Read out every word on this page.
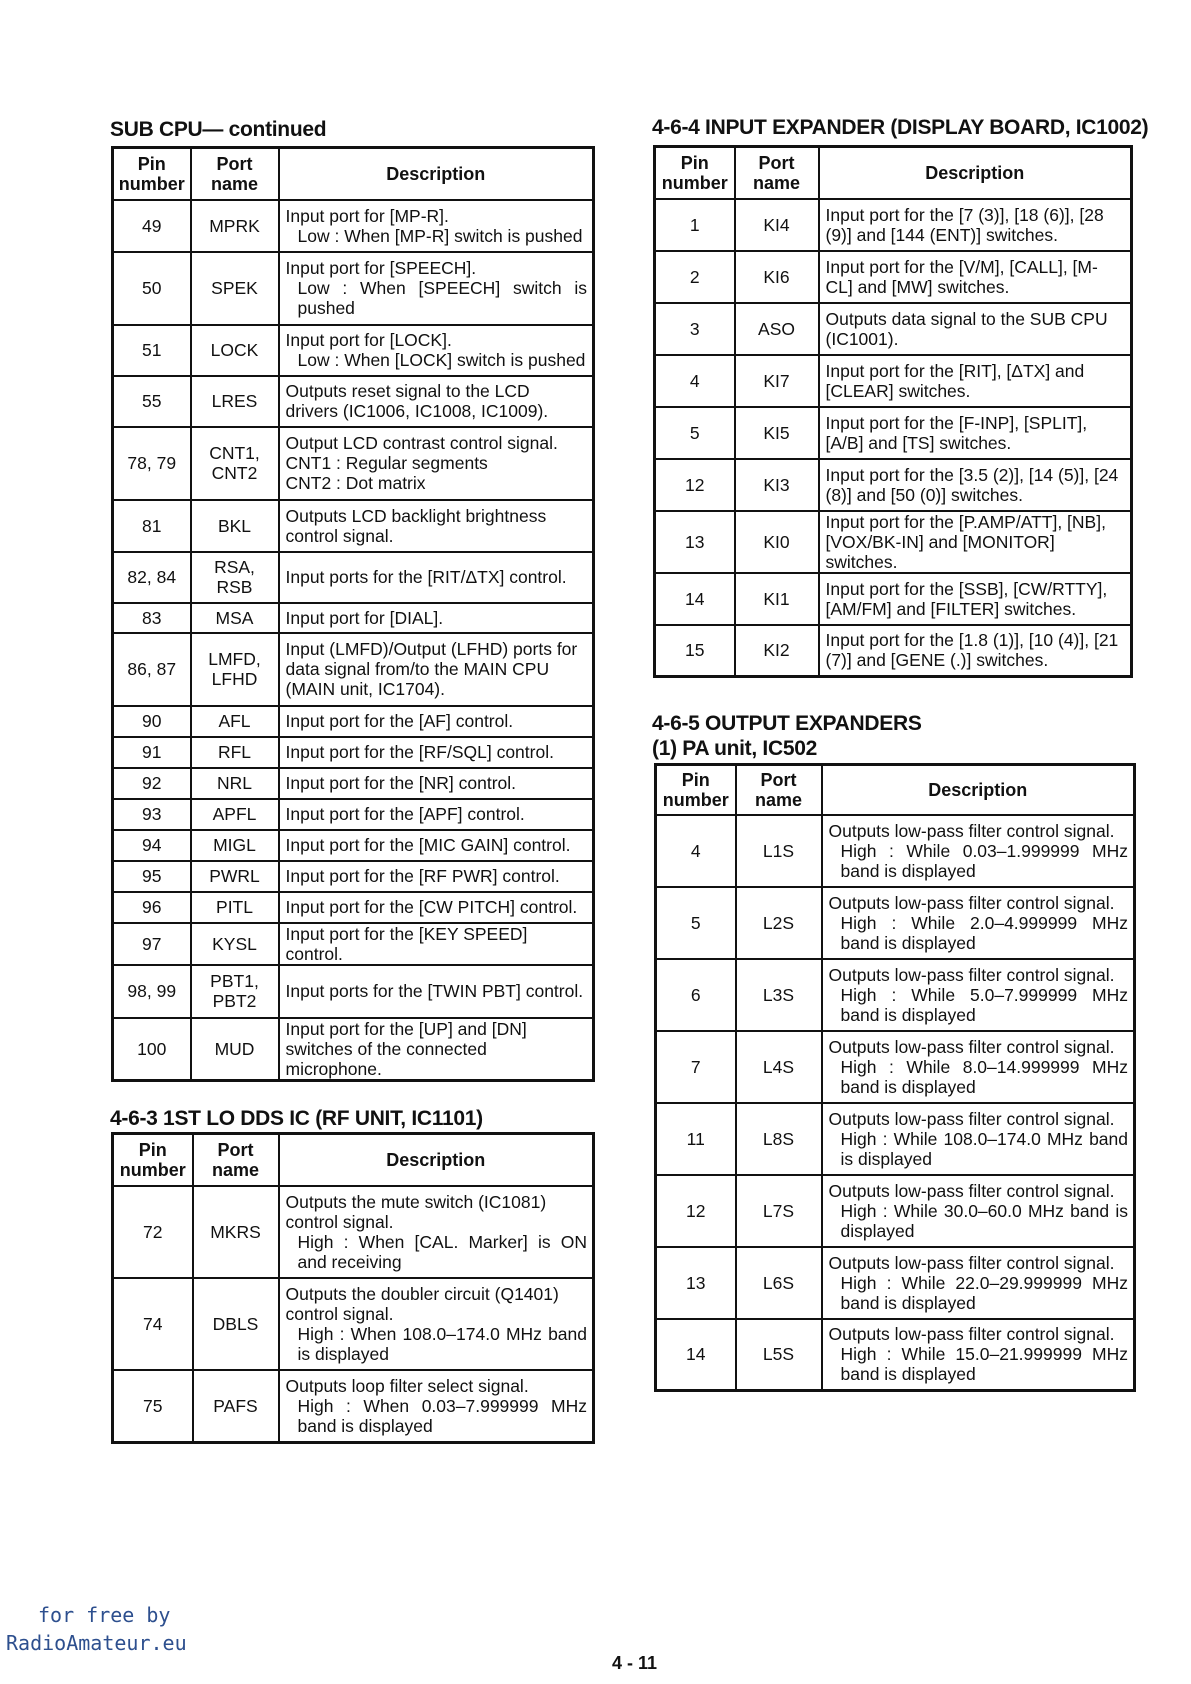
SUB CPU— continued
Pin
number	Port
name	Description

49	MPRK	Input port for [MP-R].
Low : When [MP-R] switch is pushed

50	SPEK	Input port for [SPEECH].
Low : When [SPEECH] switch is pushed

51	LOCK	Input port for [LOCK].
Low : When [LOCK] switch is pushed

55	LRES	Outputs reset signal to the LCD drivers (IC1006, IC1008, IC1009).

78, 79	CNT1,
CNT2	Output LCD contrast control signal.
CNT1 : Regular segments
CNT2 : Dot matrix

81	BKL	Outputs LCD backlight brightness control signal.

82, 84	RSA,
RSB	Input ports for the [RIT/ΔTX] control.

83	MSA	Input port for [DIAL].

86, 87	LMFD,
LFHD	Input (LMFD)/Output (LFHD) ports for data signal from/to the MAIN CPU (MAIN unit, IC1704).

90	AFL	Input port for the [AF] control.

91	RFL	Input port for the [RF/SQL] control.

92	NRL	Input port for the [NR] control.

93	APFL	Input port for the [APF] control.

94	MIGL	Input port for the [MIC GAIN] control.

95	PWRL	Input port for the [RF PWR] control.

96	PITL	Input port for the [CW PITCH] control.

97	KYSL	Input port for the [KEY SPEED] control.

98, 99	PBT1,
PBT2	Input ports for the [TWIN PBT] control.

100	MUD	Input port for the [UP] and [DN] switches of the connected microphone.
4-6-3 1ST LO DDS IC (RF UNIT, IC1101)
Pin
number	Port
name	Description

72	MKRS	Outputs the mute switch (IC1081) control signal.
High : When [CAL. Marker] is ON and receiving

74	DBLS	Outputs the doubler circuit (Q1401) control signal.
High : When 108.0–174.0 MHz band is displayed

75	PAFS	Outputs loop filter select signal.
High : When 0.03–7.999999 MHz band is displayed
4-6-4 INPUT EXPANDER (DISPLAY BOARD, IC1002)
Pin
number	Port
name	Description

1	KI4	Input port for the [7 (3)], [18 (6)], [28 (9)] and [144 (ENT)] switches.

2	KI6	Input port for the [V/M], [CALL], [M-CL] and [MW] switches.

3	ASO	Outputs data signal to the SUB CPU (IC1001).

4	KI7	Input port for the [RIT], [ΔTX] and [CLEAR] switches.

5	KI5	Input port for the [F-INP], [SPLIT], [A/B] and [TS] switches.

12	KI3	Input port for the [3.5 (2)], [14 (5)], [24 (8)] and [50 (0)] switches.

13	KI0	Input port for the [P.AMP/ATT], [NB], [VOX/BK-IN] and [MONITOR] switches.

14	KI1	Input port for the [SSB], [CW/RTTY], [AM/FM] and [FILTER] switches.

15	KI2	Input port for the [1.8 (1)], [10 (4)], [21 (7)] and [GENE (.)] switches.
4-6-5 OUTPUT EXPANDERS
(1) PA unit, IC502
Pin
number	Port
name	Description

4	L1S	Outputs low-pass filter control signal.
High : While 0.03–1.999999 MHz band is displayed

5	L2S	Outputs low-pass filter control signal.
High : While 2.0–4.999999 MHz band is displayed

6	L3S	Outputs low-pass filter control signal.
High : While 5.0–7.999999 MHz band is displayed

7	L4S	Outputs low-pass filter control signal.
High : While 8.0–14.999999 MHz band is displayed

11	L8S	Outputs low-pass filter control signal.
High : While 108.0–174.0 MHz band is displayed

12	L7S	Outputs low-pass filter control signal.
High : While 30.0–60.0 MHz band is displayed

13	L6S	Outputs low-pass filter control signal.
High : While 22.0–29.999999 MHz band is displayed

14	L5S	Outputs low-pass filter control signal.
High : While 15.0–21.999999 MHz band is displayed
for free by
RadioAmateur.eu
4 - 11
